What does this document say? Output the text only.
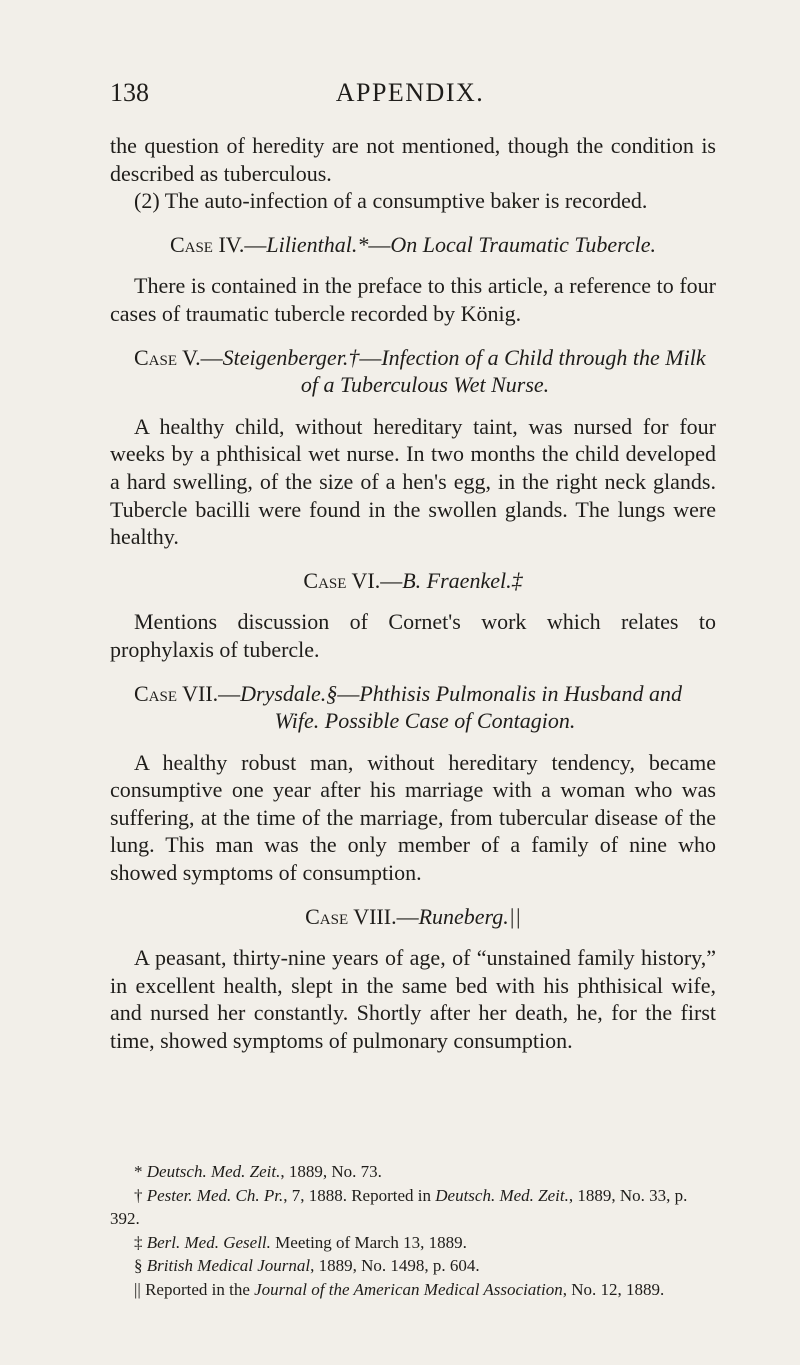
138	APPENDIX.

the question of heredity are not mentioned, though the condition is described as tuberculous.

(2) The auto-infection of a consumptive baker is recorded.

Case IV.—Lilienthal.*—On Local Traumatic Tubercle.

There is contained in the preface to this article, a reference to four cases of traumatic tubercle recorded by König.

Case V.—Steigenberger.†—Infection of a Child through the Milk
of a Tuberculous Wet Nurse.

A healthy child, without hereditary taint, was nursed for four weeks by a phthisical wet nurse. In two months the child developed a hard swelling, of the size of a hen's egg, in the right neck glands. Tubercle bacilli were found in the swollen glands. The lungs were healthy.

Case VI.—B. Fraenkel.‡

Mentions discussion of Cornet's work which relates to prophylaxis of tubercle.

Case VII.—Drysdale.§—Phthisis Pulmonalis in Husband and
Wife. Possible Case of Contagion.

A healthy robust man, without hereditary tendency, became consumptive one year after his marriage with a woman who was suffering, at the time of the marriage, from tubercular disease of the lung. This man was the only member of a family of nine who showed symptoms of consumption.

Case VIII.—Runeberg.||

A peasant, thirty-nine years of age, of “unstained family history,” in excellent health, slept in the same bed with his phthisical wife, and nursed her constantly. Shortly after her death, he, for the first time, showed symptoms of pulmonary consumption.

* Deutsch. Med. Zeit., 1889, No. 73.

† Pester. Med. Ch. Pr., 7, 1888. Reported in Deutsch. Med. Zeit., 1889, No. 33, p. 392.

‡ Berl. Med. Gesell. Meeting of March 13, 1889.

§ British Medical Journal, 1889, No. 1498, p. 604.

|| Reported in the Journal of the American Medical Association, No. 12, 1889.
